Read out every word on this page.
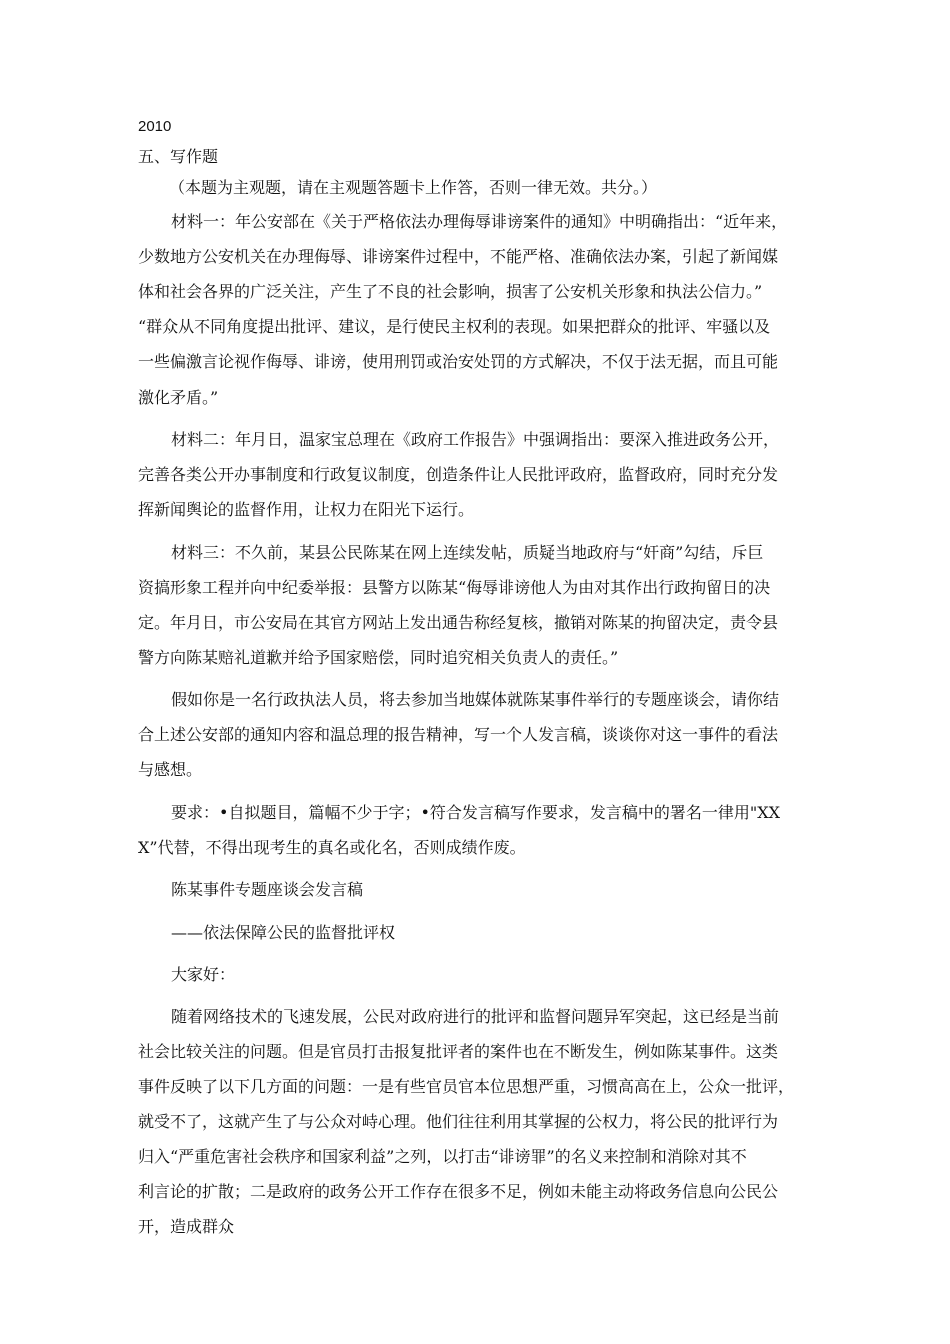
2010
五、写作题
（本题为主观题，请在主观题答题卡上作答，否则一律无效。共分。）
材料一：年公安部在《关于严格依法办理侮辱诽谤案件的通知》中明确指出：“近年来，
少数地方公安机关在办理侮辱、诽谤案件过程中，不能严格、准确依法办案，引起了新闻媒
体和社会各界的广泛关注，产生了不良的社会影响，损害了公安机关形象和执法公信力。”
“群众从不同角度提出批评、建议，是行使民主权利的表现。如果把群众的批评、牢骚以及
一些偏激言论视作侮辱、诽谤，使用刑罚或治安处罚的方式解决，不仅于法无据，而且可能
激化矛盾。”
材料二：年月日，温家宝总理在《政府工作报告》中强调指出：要深入推进政务公开，
完善各类公开办事制度和行政复议制度，创造条件让人民批评政府，监督政府，同时充分发
挥新闻舆论的监督作用，让权力在阳光下运行。
材料三：不久前，某县公民陈某在网上连续发帖，质疑当地政府与“奸商”勾结，斥巨
资搞形象工程并向中纪委举报：县警方以陈某“侮辱诽谤他人为由对其作出行政拘留日的决
定。年月日，市公安局在其官方网站上发出通告称经复核，撤销对陈某的拘留决定，责令县
警方向陈某赔礼道歉并给予国家赔偿，同时追究相关负责人的责任。”
假如你是一名行政执法人员，将去参加当地媒体就陈某事件举行的专题座谈会，请你结
合上述公安部的通知内容和温总理的报告精神，写一个人发言稿，谈谈你对这一事件的看法
与感想。
要求：•自拟题目，篇幅不少于字；•符合发言稿写作要求，发言稿中的署名一律用"XX
X”代替，不得出现考生的真名或化名，否则成绩作废。
陈某事件专题座谈会发言稿
——依法保障公民的监督批评权
大家好：
随着网络技术的飞速发展，公民对政府进行的批评和监督问题异军突起，这已经是当前
社会比较关注的问题。但是官员打击报复批评者的案件也在不断发生，例如陈某事件。这类
事件反映了以下几方面的问题：一是有些官员官本位思想严重，习惯高高在上，公众一批评，
就受不了，这就产生了与公众对峙心理。他们往往利用其掌握的公权力，将公民的批评行为
归入“严重危害社会秩序和国家利益”之列，以打击“诽谤罪”的名义来控制和消除对其不
利言论的扩散；二是政府的政务公开工作存在很多不足，例如未能主动将政务信息向公民公
开，造成群众
